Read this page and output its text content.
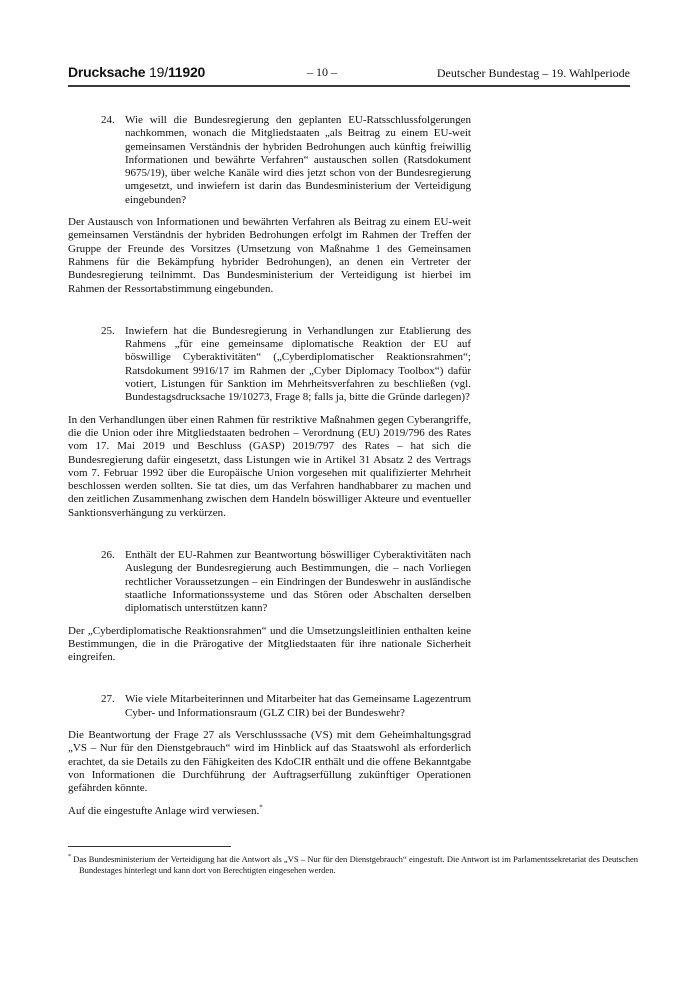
Drucksache 19/11920	– 10 –	Deutscher Bundestag – 19. Wahlperiode
24. Wie will die Bundesregierung den geplanten EU-Ratsschlussfolgerungen nachkommen, wonach die Mitgliedstaaten „als Beitrag zu einem EU-weit gemeinsamen Verständnis der hybriden Bedrohungen auch künftig freiwillig Informationen und bewährte Verfahren“ austauschen sollen (Ratsdokument 9675/19), über welche Kanäle wird dies jetzt schon von der Bundesregierung umgesetzt, und inwiefern ist darin das Bundesministerium der Verteidigung eingebunden?

Der Austausch von Informationen und bewährten Verfahren als Beitrag zu einem EU-weit gemeinsamen Verständnis der hybriden Bedrohungen erfolgt im Rahmen der Treffen der Gruppe der Freunde des Vorsitzes (Umsetzung von Maßnahme 1 des Gemeinsamen Rahmens für die Bekämpfung hybrider Bedrohungen), an denen ein Vertreter der Bundesregierung teilnimmt. Das Bundesministerium der Verteidigung ist hierbei im Rahmen der Ressortabstimmung eingebunden.

25. Inwiefern hat die Bundesregierung in Verhandlungen zur Etablierung des Rahmens „für eine gemeinsame diplomatische Reaktion der EU auf böswillige Cyberaktivitäten“ („Cyberdiplomatischer Reaktionsrahmen“; Ratsdokument 9916/17 im Rahmen der „Cyber Diplomacy Toolbox“) dafür votiert, Listungen für Sanktion im Mehrheitsverfahren zu beschließen (vgl. Bundestagsdrucksache 19/10273, Frage 8; falls ja, bitte die Gründe darlegen)?

In den Verhandlungen über einen Rahmen für restriktive Maßnahmen gegen Cyberangriffe, die die Union oder ihre Mitgliedstaaten bedrohen – Verordnung (EU) 2019/796 des Rates vom 17. Mai 2019 und Beschluss (GASP) 2019/797 des Rates – hat sich die Bundesregierung dafür eingesetzt, dass Listungen wie in Artikel 31 Absatz 2 des Vertrags vom 7. Februar 1992 über die Europäische Union vorgesehen mit qualifizierter Mehrheit beschlossen werden sollten. Sie tat dies, um das Verfahren handhabbarer zu machen und den zeitlichen Zusammenhang zwischen dem Handeln böswilliger Akteure und eventueller Sanktionsverhängung zu verkürzen.

26. Enthält der EU-Rahmen zur Beantwortung böswilliger Cyberaktivitäten nach Auslegung der Bundesregierung auch Bestimmungen, die – nach Vorliegen rechtlicher Voraussetzungen – ein Eindringen der Bundeswehr in ausländische staatliche Informationssysteme und das Stören oder Abschalten derselben diplomatisch unterstützen kann?

Der „Cyberdiplomatische Reaktionsrahmen“ und die Umsetzungsleitlinien enthalten keine Bestimmungen, die in die Prärogative der Mitgliedstaaten für ihre nationale Sicherheit eingreifen.

27. Wie viele Mitarbeiterinnen und Mitarbeiter hat das Gemeinsame Lagezentrum Cyber- und Informationsraum (GLZ CIR) bei der Bundeswehr?

Die Beantwortung der Frage 27 als Verschlusssache (VS) mit dem Geheimhaltungsgrad „VS – Nur für den Dienstgebrauch“ wird im Hinblick auf das Staatswohl als erforderlich erachtet, da sie Details zu den Fähigkeiten des KdoCIR enthält und die offene Bekanntgabe von Informationen die Durchführung der Auftragserfüllung zukünftiger Operationen gefährden könnte.

Auf die eingestufte Anlage wird verwiesen.*

* Das Bundesministerium der Verteidigung hat die Antwort als „VS – Nur für den Dienstgebrauch“ eingestuft. Die Antwort ist im Parlamentssekretariat des Deutschen Bundestages hinterlegt und kann dort von Berechtigten eingesehen werden.
